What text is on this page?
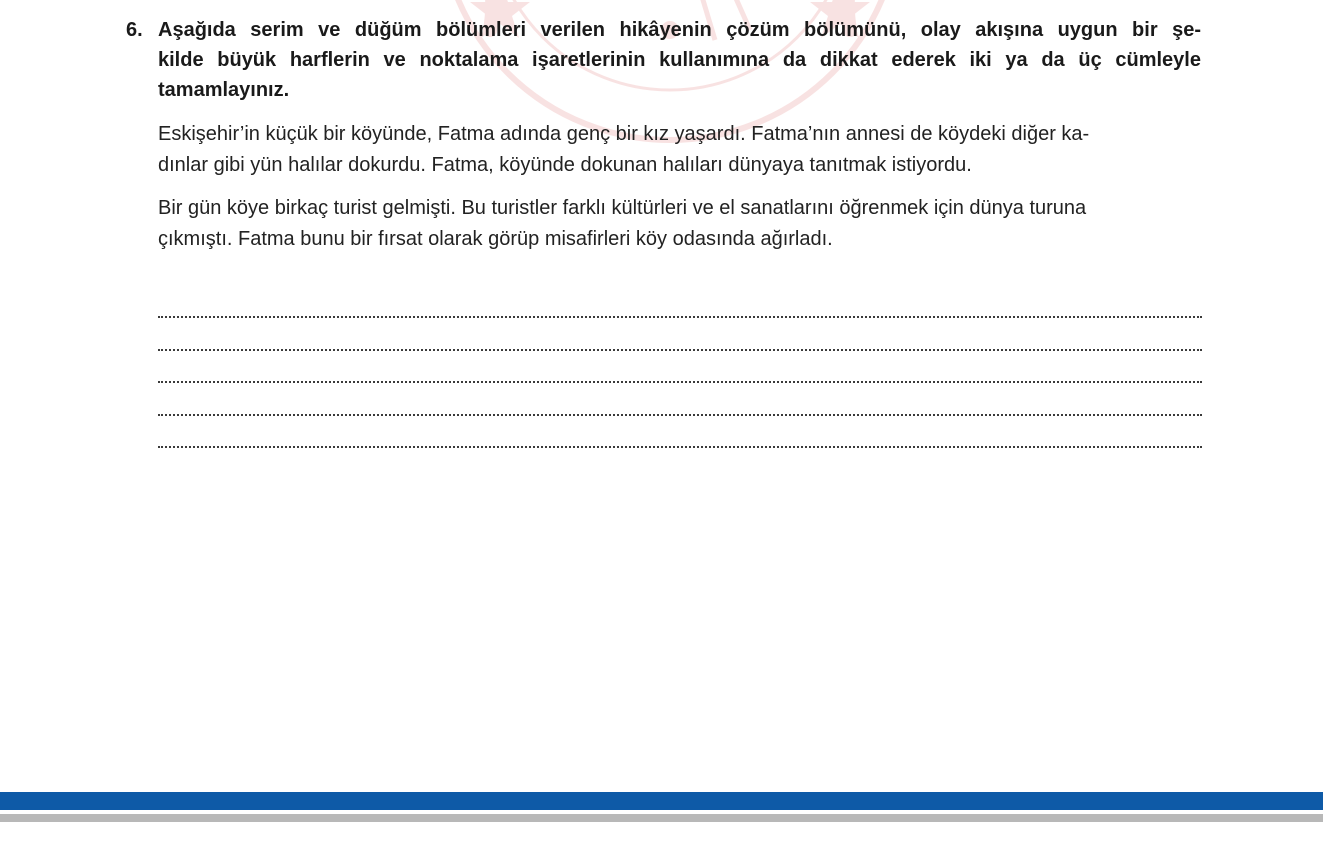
6. Aşağıda serim ve düğüm bölümleri verilen hikâyenin çözüm bölümünü, olay akışına uygun bir şe-
kilde büyük harflerin ve noktalama işaretlerinin kullanımına da dikkat ederek iki ya da üç cümleyle
tamamlayınız.

Eskişehir’in küçük bir köyünde, Fatma adında genç bir kız yaşardı. Fatma’nın annesi de köydeki diğer ka-
dınlar gibi yün halılar dokurdu. Fatma, köyünde dokunan halıları dünyaya tanıtmak istiyordu.

Bir gün köye birkaç turist gelmişti. Bu turistler farklı kültürleri ve el sanatlarını öğrenmek için dünya turuna
çıkmıştı. Fatma bunu bir fırsat olarak görüp misafirleri köy odasında ağırladı.
